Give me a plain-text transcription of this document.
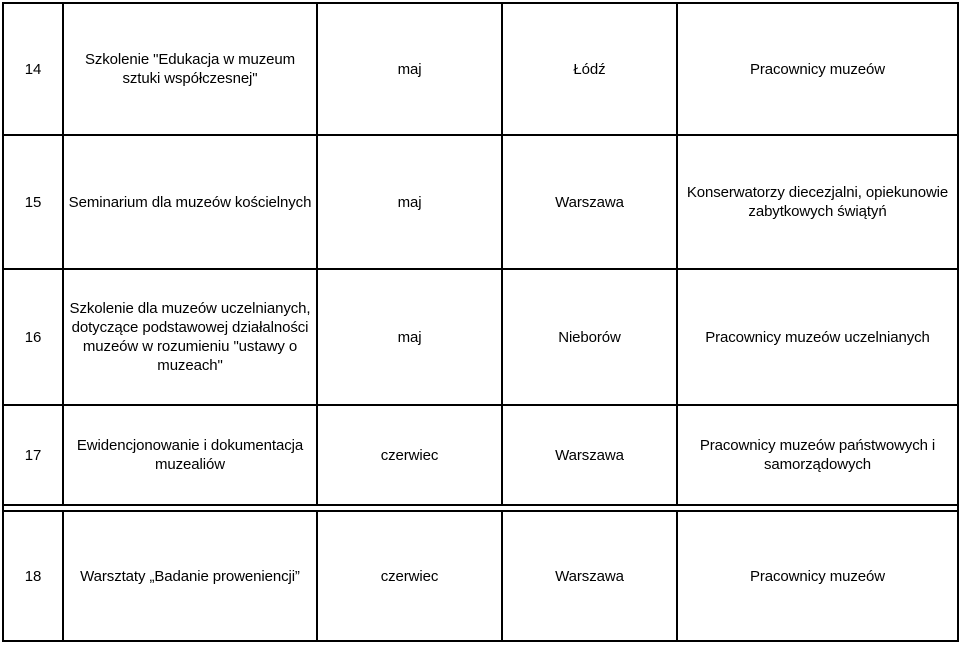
14	Szkolenie "Edukacja w muzeum sztuki współczesnej"	maj	Łódź	Pracownicy muzeów
15	Seminarium dla muzeów kościelnych	maj	Warszawa	Konserwatorzy diecezjalni, opiekunowie zabytkowych świątyń
16	Szkolenie dla muzeów uczelnianych, dotyczące podstawowej działalności muzeów w rozumieniu "ustawy o muzeach"	maj	Nieborów	Pracownicy muzeów uczelnianych
17	Ewidencjonowanie i dokumentacja muzealiów	czerwiec	Warszawa	Pracownicy muzeów państwowych i samorządowych

18	Warsztaty „Badanie proweniencji”	czerwiec	Warszawa	Pracownicy muzeów
